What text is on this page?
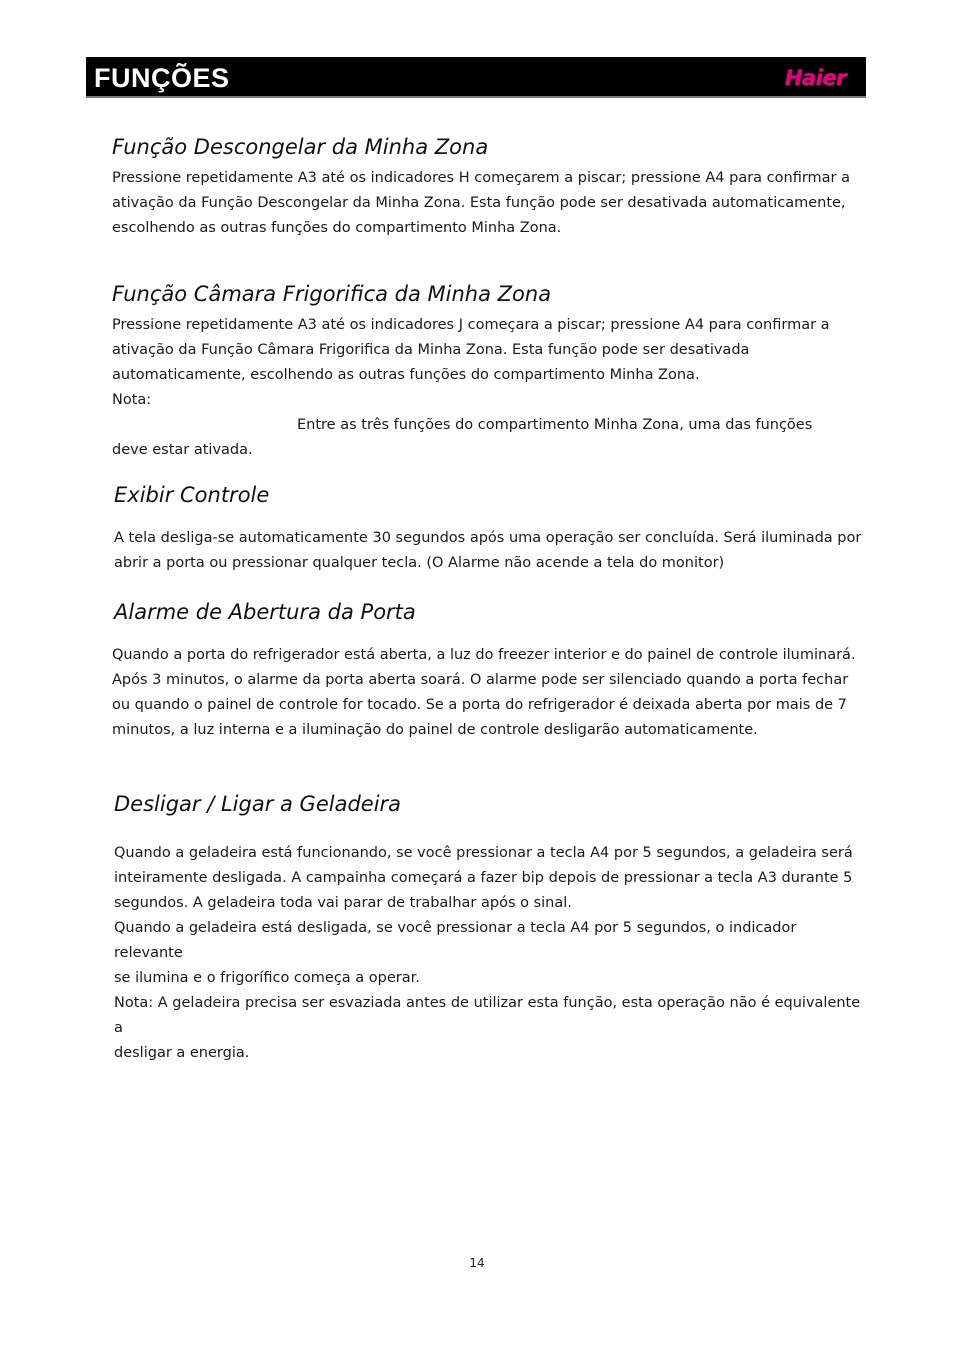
FUNÇÕES	Haier
Função Descongelar da Minha Zona

Pressione repetidamente A3 até os indicadores H começarem a piscar; pressione A4 para confirmar a

ativação da Função Descongelar da Minha Zona. Esta função pode ser desativada automaticamente,

escolhendo as outras funções do compartimento Minha Zona.

Função Câmara Frigorifica da Minha Zona

Pressione repetidamente A3 até os indicadores J começara a piscar; pressione A4 para confirmar a

ativação da Função Câmara Frigorifica da Minha Zona. Esta função pode ser desativada

automaticamente, escolhendo as outras funções do compartimento Minha Zona.

Nota:

Entre as três funções do compartimento Minha Zona, uma das funções

deve estar ativada.

Exibir Controle

A tela desliga-se automaticamente 30 segundos após uma operação ser concluída. Será iluminada por

abrir a porta ou pressionar qualquer tecla. (O Alarme não acende a tela do monitor)

Alarme de Abertura da Porta

Quando a porta do refrigerador está aberta, a luz do freezer interior e do painel de controle iluminará.

Após 3 minutos, o alarme da porta aberta soará. O alarme pode ser silenciado quando a porta fechar

ou quando o painel de controle for tocado. Se a porta do refrigerador é deixada aberta por mais de 7

minutos, a luz interna e a iluminação do painel de controle desligarão automaticamente.

Desligar / Ligar a Geladeira

Quando a geladeira está funcionando, se você pressionar a tecla A4 por 5 segundos, a geladeira será

inteiramente desligada. A campainha começará a fazer bip depois de pressionar a tecla A3 durante 5

segundos. A geladeira toda vai parar de trabalhar após o sinal.

Quando a geladeira está desligada, se você pressionar a tecla A4 por 5 segundos, o indicador relevante

se ilumina e o frigorífico começa a operar.

Nota: A geladeira precisa ser esvaziada antes de utilizar esta função, esta operação não é equivalente a

desligar a energia.

14
